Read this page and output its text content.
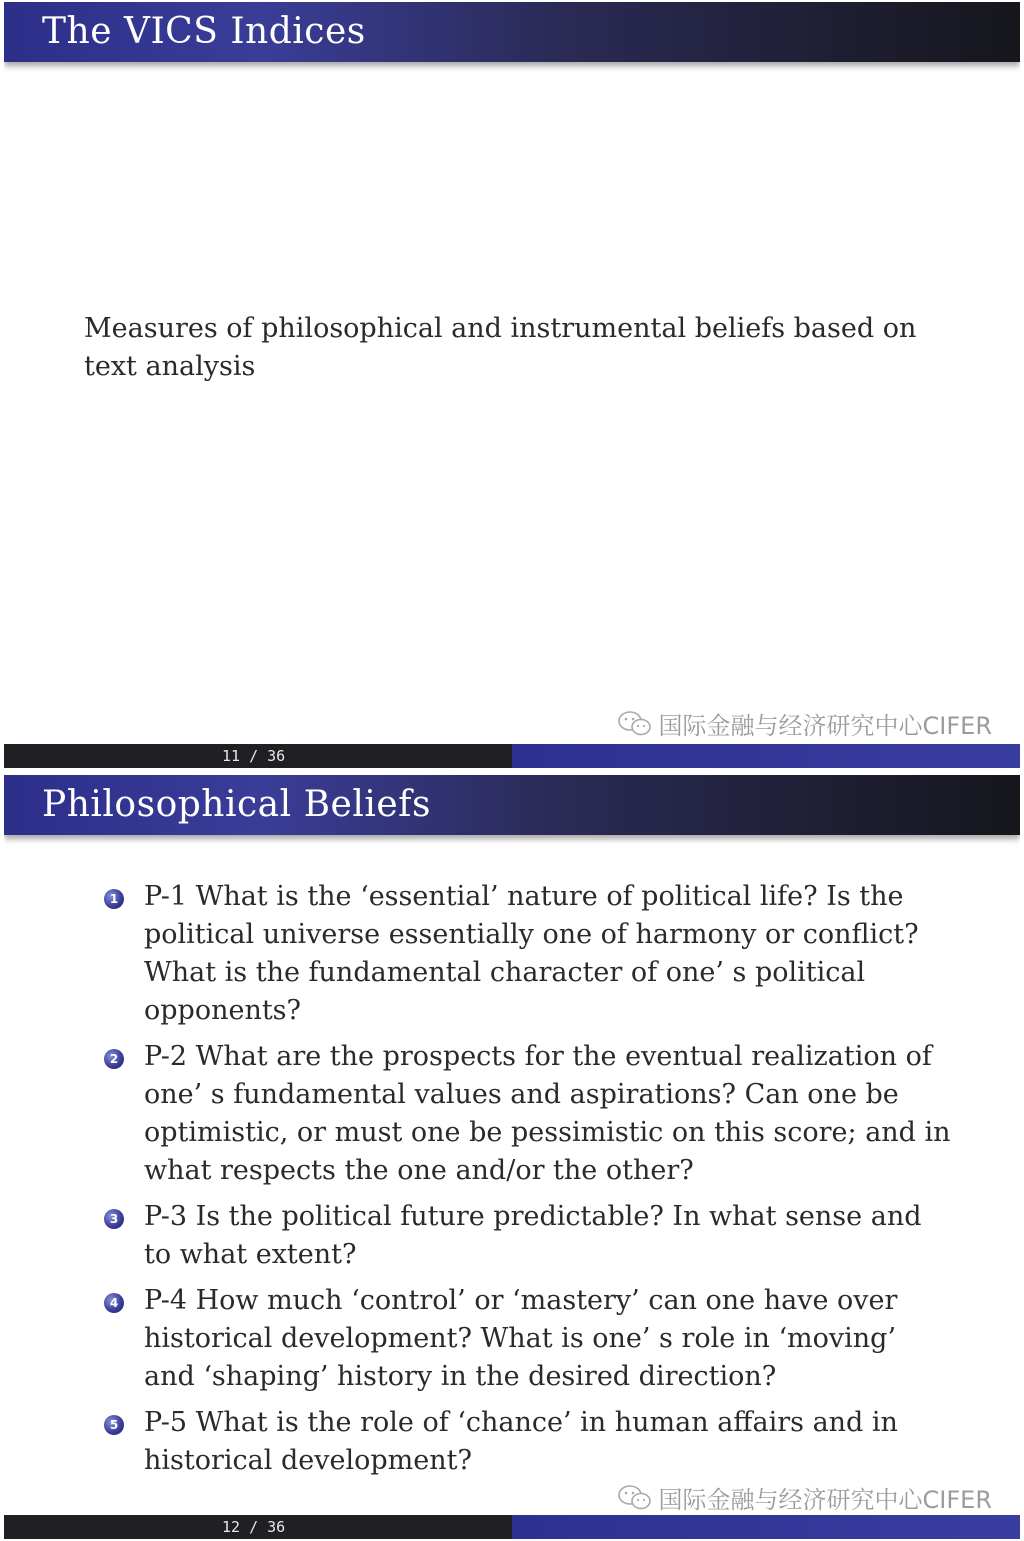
The VICS Indices
Measures of philosophical and instrumental beliefs based on text analysis
国际金融与经济研究中心CIFER
11 / 36
Philosophical Beliefs
1 P-1 What is the ‘essential’ nature of political life? Is the political universe essentially one of harmony or conflict? What is the fundamental character of one’ s political opponents?
2 P-2 What are the prospects for the eventual realization of one’ s fundamental values and aspirations? Can one be optimistic, or must one be pessimistic on this score; and in what respects the one and/or the other?
3 P-3 Is the political future predictable? In what sense and to what extent?
4 P-4 How much ‘control’ or ‘mastery’ can one have over historical development? What is one’ s role in ‘moving’ and ‘shaping’ history in the desired direction?
5 P-5 What is the role of ‘chance’ in human affairs and in historical development?
国际金融与经济研究中心CIFER
12 / 36
